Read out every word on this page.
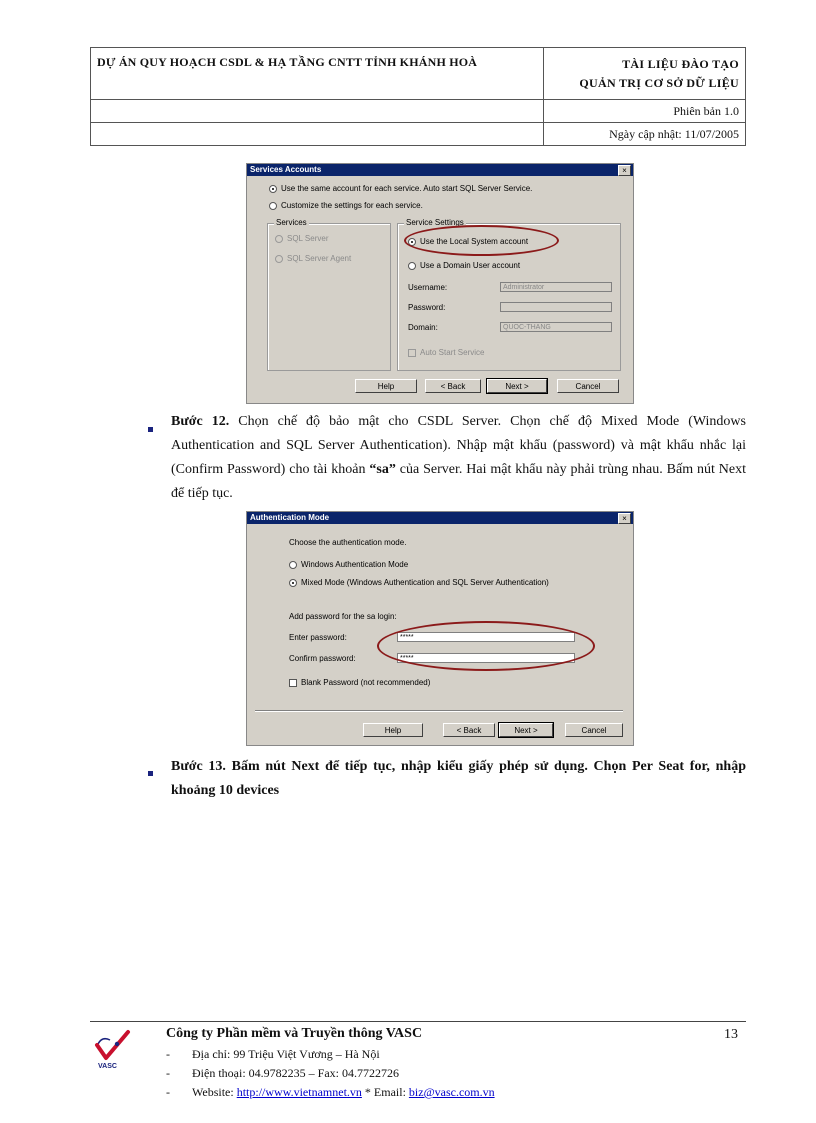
DỰ ÁN QUY HOẠCH CSDL & HẠ TẦNG CNTT TỈNH KHÁNH HOÀ	TÀI LIỆU ĐÀO TẠO
QUẢN TRỊ CƠ SỞ DỮ LIỆU

	Phiên bản 1.0
	Ngày cập nhật: 11/07/2005
Services Accounts	×
Use the same account for each service. Auto start SQL Server Service.
Customize the settings for each service.
Services
SQL Server
SQL Server Agent
Service Settings
Use the Local System account
Use a Domain User account
Username:	Administrator
Password:
Domain:	QUOC-THANG
Auto Start Service
Help	< Back	Next >	Cancel
Bước 12. Chọn chế độ bảo mật cho CSDL Server. Chọn chế độ Mixed Mode (Windows Authentication and SQL Server Authentication). Nhập mật khẩu (password) và mật khẩu nhắc lại (Confirm Password) cho tài khoản “sa” của Server. Hai mật khẩu này phải trùng nhau. Bấm nút Next để tiếp tục.
Authentication Mode	×
Choose the authentication mode.
Windows Authentication Mode
Mixed Mode (Windows Authentication and SQL Server Authentication)
Add password for the sa login:
Enter password:	*****
Confirm password:	*****
Blank Password (not recommended)
Help	< Back	Next >	Cancel
Bước 13. Bấm nút Next để tiếp tục, nhập kiểu giấy phép sử dụng. Chọn Per Seat for, nhập khoảng 10 devices
VASC
Công ty Phần mềm và Truyền thông VASC	13
- Địa chỉ: 99 Triệu Việt Vương – Hà Nội
- Điện thoại: 04.9782235 – Fax: 04.7722726
- Website: http://www.vietnamnet.vn * Email: biz@vasc.com.vn
